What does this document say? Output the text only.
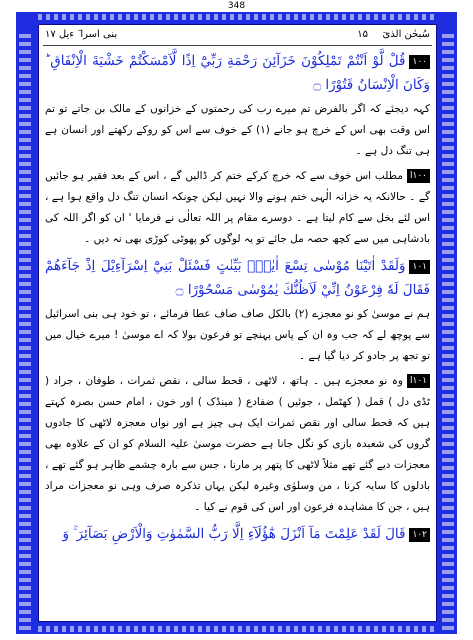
348
سُبحٰن الذیٓ
۱۵
بنی اسرا ٓ ءیل ۱۷

۱۰۰قُلْ لَّوْ اَنْتُمْ تَمْلِكُوْنَ خَزَآئِنَ رَحْمَةِ رَبِّيْٓ اِذًا لَّاَمْسَكْتُمْ خَشْيَةَ الْاِنْفَاقِ ؕ وَكَانَ الْاِنْسَانُ قَتُوْرًا ۝

کہہ دیجئے کہ اگر بالفرض تم میرے رب کی رحمتوں کے خزانوں کے مالک بن جاتے تو تم اس وقت بھی اس کے خرچ ہو جانے (۱) کے خوف سے اس کو روکے رکھتے اور انسان ہے ہی تنگ دل ہے ۔

۱۰۰امطلب اس خوف سے کہ خرچ کرکے ختم کر ڈالیں گے ، اس کے بعد فقیر ہو جائیں گے ۔ حالانکہ یہ خزانہ الٰہی ختم ہونے والا نہیں لیکن چونکہ انسان تنگ دل واقع ہوا ہے ، اس لئے بخل سے کام لیتا ہے ۔ دوسرے مقام پر اللہ تعالٰی نے فرمایا ' ان کو اگر اللہ کی بادشاہی میں سے کچھ حصہ مل جائے تو یہ لوگوں کو پھوٹی کوڑی بھی نہ دیں ۔

۱۰۱وَلَقَدْ اٰتَيْنَا مُوْسٰى تِسْعَ اٰيٰتٍۭ بَيِّنٰتٍ فَسْئَلْ بَنِيْٓ اِسْرَآءِيْلَ اِذْ جَآءَهُمْ فَقَالَ لَهٗ فِرْعَوْنُ اِنِّيْ لَاَظُنُّكَ يٰمُوْسٰى مَسْحُوْرًا ۝

ہم نے موسیٰ کو نو معجزے (۲) بالکل صاف صاف عطا فرمائے ، تو خود ہی بنی اسرائیل سے پوچھ لے کہ جب وہ ان کے پاس پہنچے تو فرعون بولا کہ اے موسیٰ ! میرے خیال میں تو تجھ پر جادو کر دیا گیا ہے ۔

۱۰۱اوہ نو معجزے ہیں ۔ ہاتھ ، لاٹھی ، قحط سالی ، نقص ثمرات ، طوفان ، جراد ( ٹڈی دل ) قمل ( کھٹمل ، جوئیں ) ضفادع ( مینڈک ) اور خون ، امام حسن بصرہ کہتے ہیں کہ قحط سالی اور نقص ثمرات ایک ہی چیز ہے اور نواں معجزہ لاٹھی کا جادوں گروں کی شعبدہ بازی کو نگل جانا ہے حضرت موسیٰ علیہ السلام کو ان کے علاوہ بھی معجزات دیے گئے تھے مثلاً لاٹھی کا پتھر پر مارنا ، جس سے بارہ چشمے ظاہر ہو گئے تھے ، بادلوں کا سایہ کرنا ، من وسلوٰی وغیرہ لیکن یہاں تذکرہ صرف وہی نو معجزات مراد ہیں ، جن کا مشاہدہ فرعون اور اس کی قوم نے کیا ۔

۱۰۲قَالَ لَقَدْ عَلِمْتَ مَآ اَنْزَلَ هٰٓؤُلَآءِ اِلَّا رَبُّ السَّمٰوٰتِ وَالْاَرْضِ بَصَآئِرَ ۚ وَ
